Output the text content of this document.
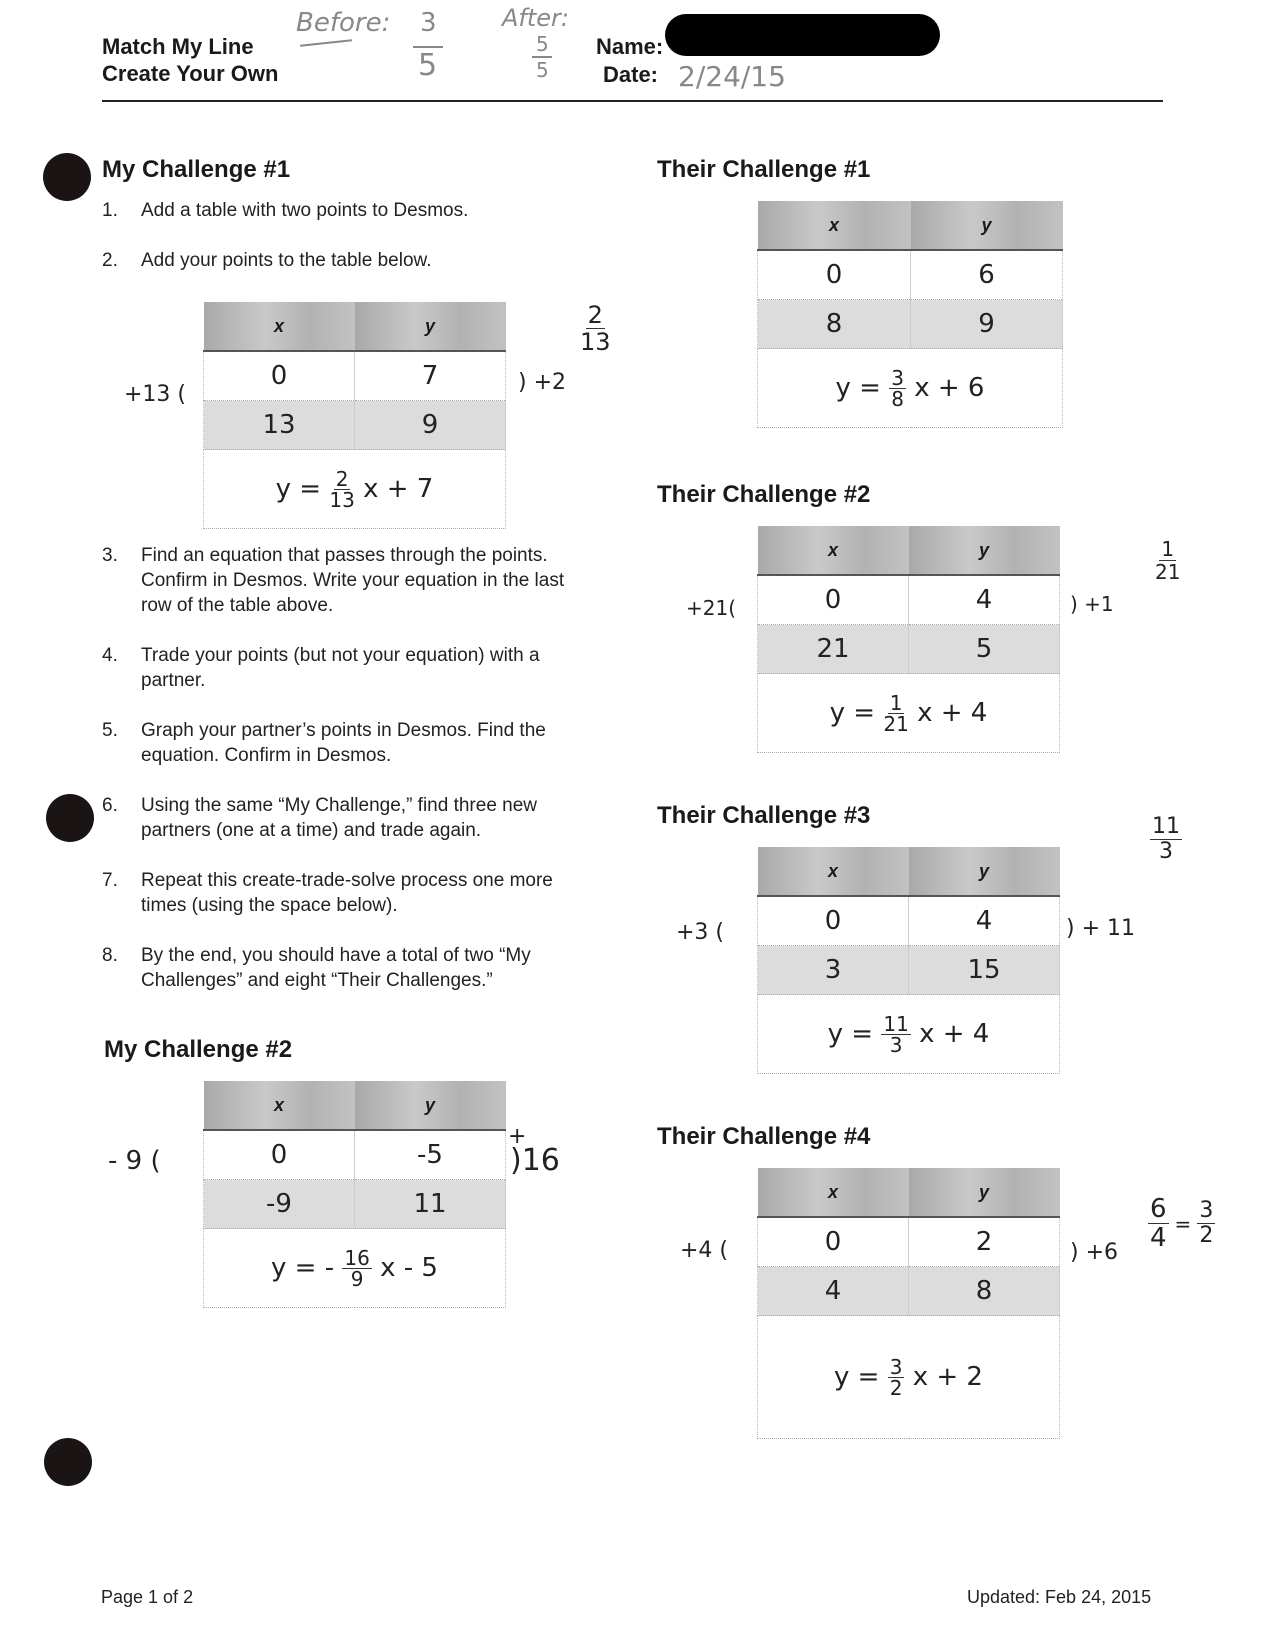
Match My Line
Create Your Own
Before: 3
5
After:
5
5
Name:
Date: 2/24/15
My Challenge #1
1. Add a table with two points to Desmos.
2. Add your points to the table below.
x	y
0	7
13	9
$y = \frac{2}{13}$ x + 7	
+13 (	) +2
$\frac{2}{13}$
3. Find an equation that passes through the points. Confirm in Desmos. Write your equation in the last row of the table above.
4. Trade your points (but not your equation) with a partner.
5. Graph your partner’s points in Desmos. Find the equation. Confirm in Desmos.
6. Using the same “My Challenge,” find three new partners (one at a time) and trade again.
7. Repeat this create-trade-solve process one more times (using the space below).
8. By the end, you should have a total of two “My Challenges” and eight “Their Challenges.”
My Challenge #2
x	y
0	-5
-9	11
y = - $\frac{16}{9}$ x - 5	
- 9 (
+
)16
Their Challenge #1
x	y
0	6
8	9
$y = \frac{3}{8}$ x + 6	
Their Challenge #2
x	y
0	4
21	5
$y = \frac{1}{21}$ x + 4	
+21(	) +1
$\frac{1}{21}$
Their Challenge #3
x	y
0	4
3	15
$y = \frac{11}{3}$ x + 4	
+3 (	) + 11
$\frac{11}{3}$
Their Challenge #4
x	y
0	2
4	8
$y = \frac{3}{2}$ x + 2	
+4 (	) +6
$\frac{6}{4} = \frac{3}{2}$
Page 1 of 2	Updated: Feb 24, 2015
